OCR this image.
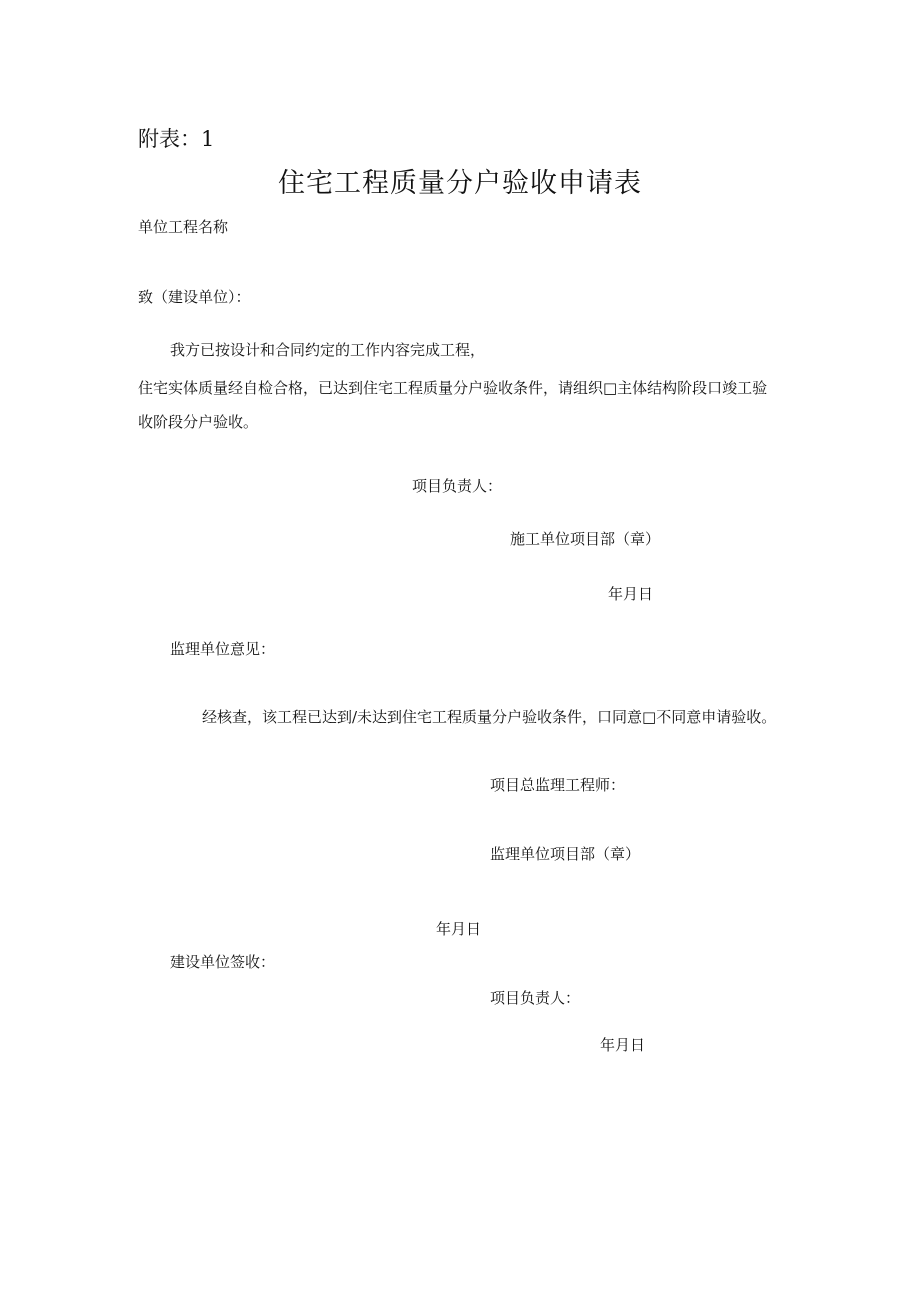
附表：1
住宅工程质量分户验收申请表
单位工程名称
致（建设单位）：
我方已按设计和合同约定的工作内容完成工程，
住宅实体质量经自检合格，已达到住宅工程质量分户验收条件，请组织□主体结构阶段口竣工验
收阶段分户验收。
项目负责人：
施工单位项目部（章）
年月日
监理单位意见：
经核查，该工程已达到/未达到住宅工程质量分户验收条件，口同意□不同意申请验收。
项目总监理工程师：
监理单位项目部（章）
年月日
建设单位签收：
项目负责人：
年月日
